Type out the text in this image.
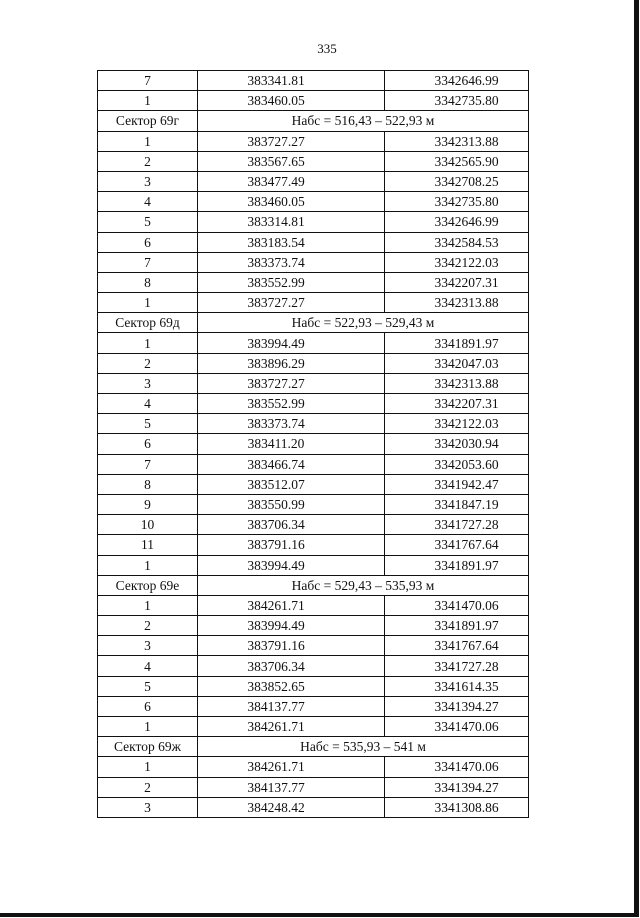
335
7	383341.81	3342646.99
1	383460.05	3342735.80
Сектор 69г	Набс = 516,43 – 522,93 м	
1	383727.27	3342313.88
2	383567.65	3342565.90
3	383477.49	3342708.25
4	383460.05	3342735.80
5	383314.81	3342646.99
6	383183.54	3342584.53
7	383373.74	3342122.03
8	383552.99	3342207.31
1	383727.27	3342313.88
Сектор 69д	Набс = 522,93 – 529,43 м	
1	383994.49	3341891.97
2	383896.29	3342047.03
3	383727.27	3342313.88
4	383552.99	3342207.31
5	383373.74	3342122.03
6	383411.20	3342030.94
7	383466.74	3342053.60
8	383512.07	3341942.47
9	383550.99	3341847.19
10	383706.34	3341727.28
11	383791.16	3341767.64
1	383994.49	3341891.97
Сектор 69е	Набс = 529,43 – 535,93 м	
1	384261.71	3341470.06
2	383994.49	3341891.97
3	383791.16	3341767.64
4	383706.34	3341727.28
5	383852.65	3341614.35
6	384137.77	3341394.27
1	384261.71	3341470.06
Сектор 69ж	Набс = 535,93 – 541 м	
1	384261.71	3341470.06
2	384137.77	3341394.27
3	384248.42	3341308.86
